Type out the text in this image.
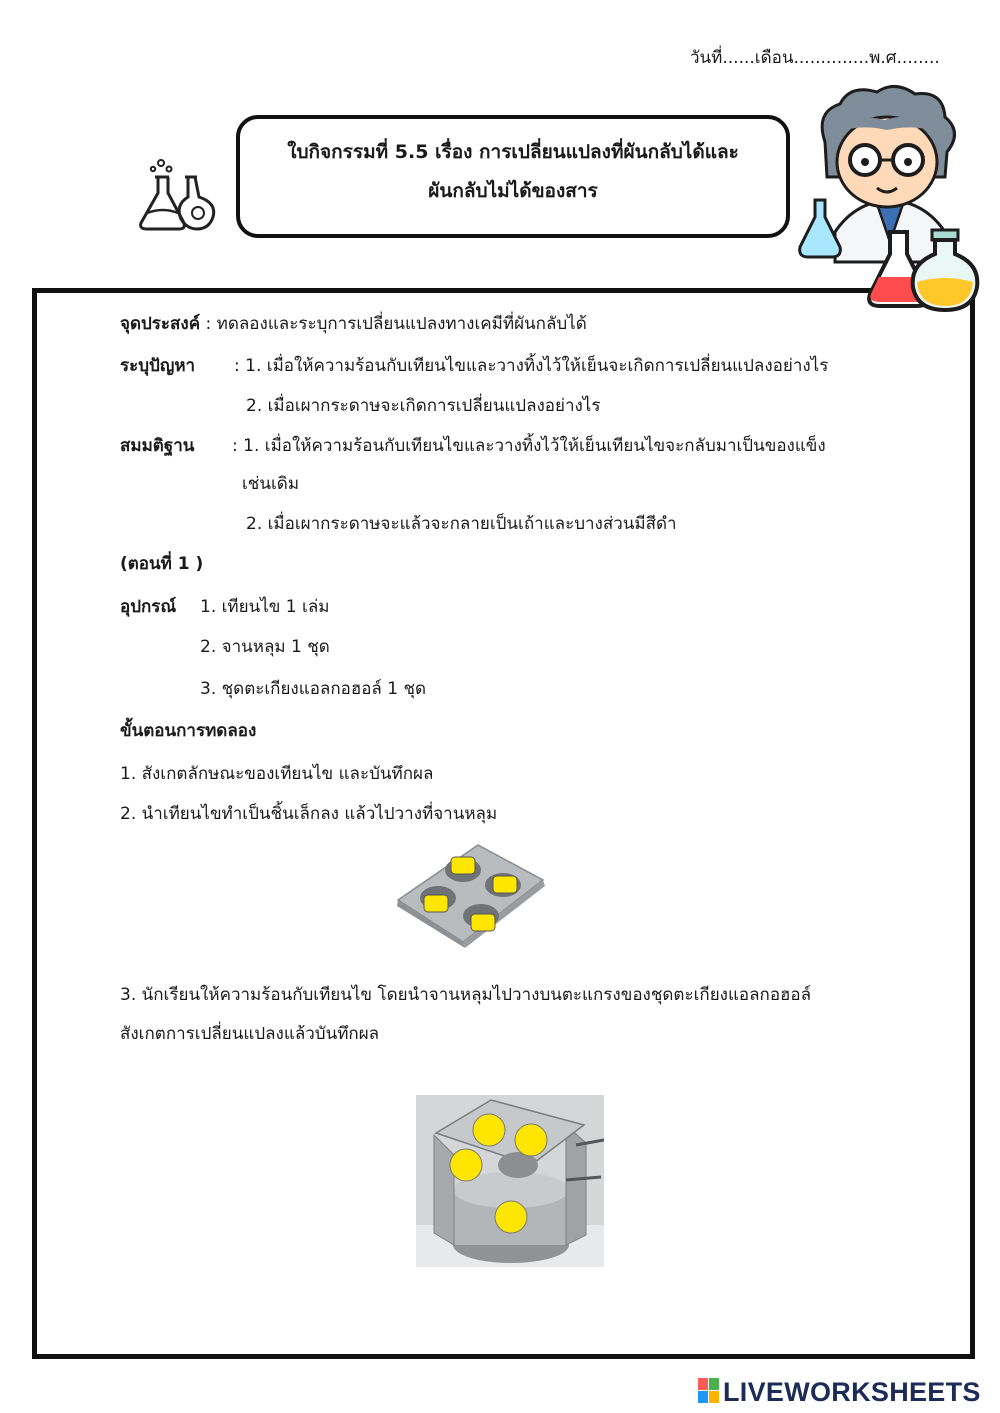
วันที่......เดือน..............พ.ศ........
ใบกิจกรรมที่ 5.5 เรื่อง การเปลี่ยนแปลงที่ผันกลับได้และ
ผันกลับไม่ได้ของสาร
จุดประสงค์ : ทดลองและระบุการเปลี่ยนแปลงทางเคมีที่ผันกลับได้
ระบุปัญหา : 1. เมื่อให้ความร้อนกับเทียนไขและวางทิ้งไว้ให้เย็นจะเกิดการเปลี่ยนแปลงอย่างไร
2. เมื่อเผากระดาษจะเกิดการเปลี่ยนแปลงอย่างไร
สมมติฐาน : 1. เมื่อให้ความร้อนกับเทียนไขและวางทิ้งไว้ให้เย็นเทียนไขจะกลับมาเป็นของแข็ง
เช่นเดิม
2. เมื่อเผากระดาษจะแล้วจะกลายเป็นเถ้าและบางส่วนมีสีดำ
(ตอนที่ 1 )
อุปกรณ์ 1. เทียนไข 1 เล่ม
2. จานหลุม 1 ชุด
3. ชุดตะเกียงแอลกอฮอล์ 1 ชุด
ขั้นตอนการทดลอง
1. สังเกตลักษณะของเทียนไข และบันทึกผล
2. นำเทียนไขทำเป็นชิ้นเล็กลง แล้วไปวางที่จานหลุม
3. นักเรียนให้ความร้อนกับเทียนไข โดยนำจานหลุมไปวางบนตะแกรงของชุดตะเกียงแอลกอฮอล์
สังเกตการเปลี่ยนแปลงแล้วบันทึกผล
LIVEWORKSHEETS
